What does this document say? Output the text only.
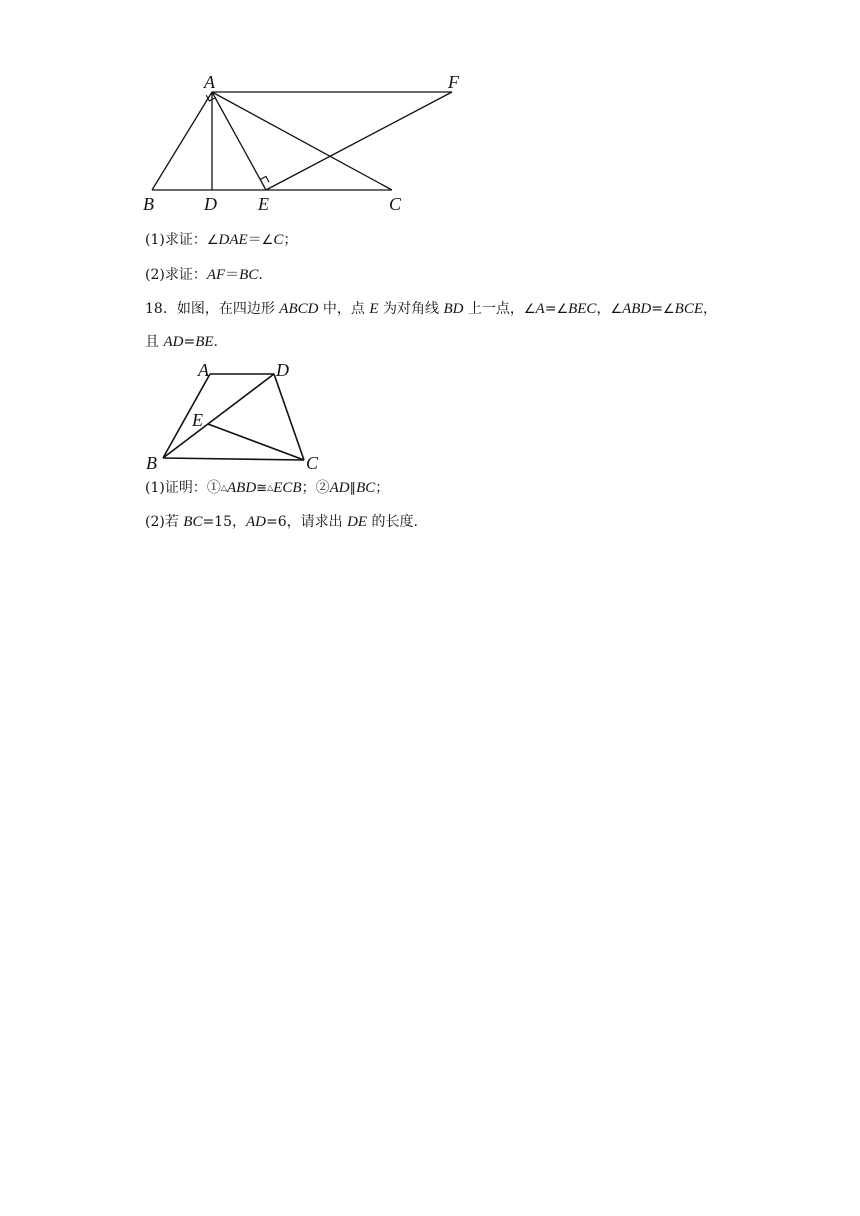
A	F
B	D E	C
(1)求证：∠DAE＝∠C；
(2)求证：AF＝BC.
18．如图，在四边形 ABCD 中，点 E 为对角线 BD 上一点，∠A=∠BEC，∠ABD=∠BCE，
且 AD=BE.
A	D
E
B	C
(1)证明：①△ABD≅△ECB；②AD∥BC；
(2)若 BC=15，AD=6，请求出 DE 的长度.
